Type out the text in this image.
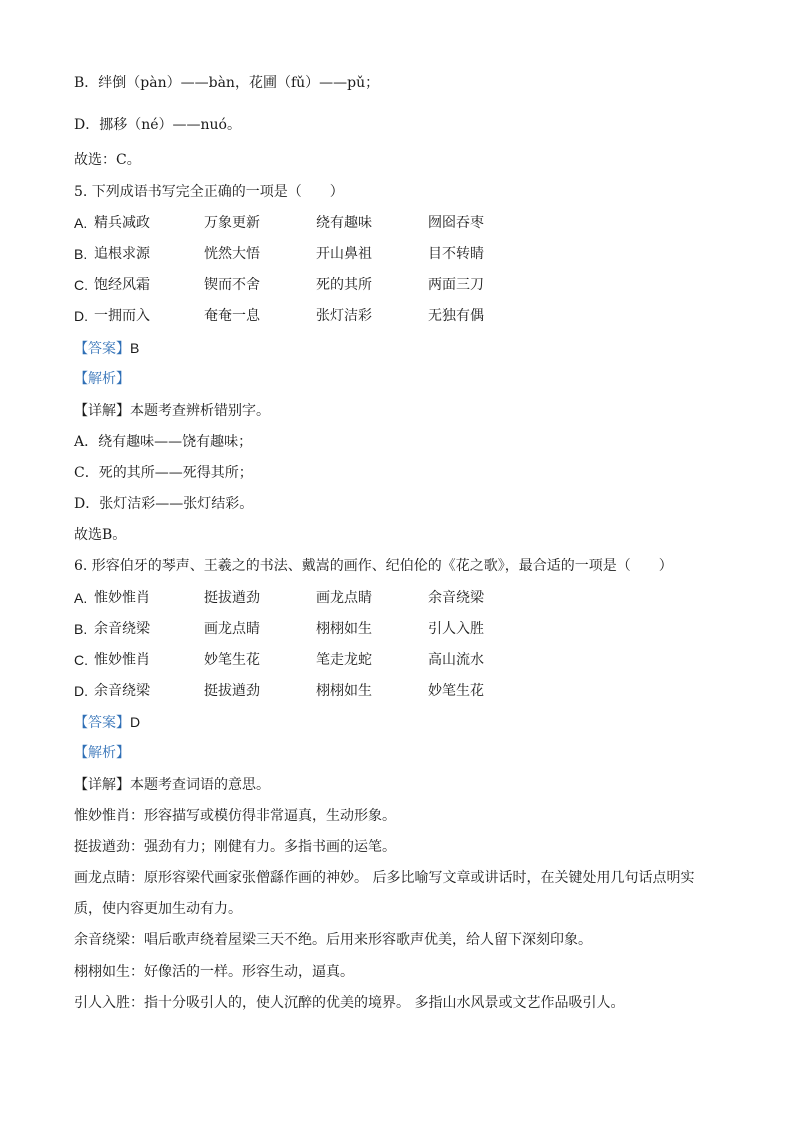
B．绊倒（pàn）——bàn，花圃（fǔ）——pǔ；
D．挪移（né）——nuó。
故选：C。
5. 下列成语书写完全正确的一项是（　　）
A. 精兵减政	万象更新	绕有趣味	囫囵吞枣
B. 追根求源	恍然大悟	开山鼻祖	目不转睛
C. 饱经风霜	锲而不舍	死的其所	两面三刀
D. 一拥而入	奄奄一息	张灯洁彩	无独有偶
【答案】B
【解析】
【详解】本题考查辨析错别字。
A．绕有趣味——饶有趣味；
C．死的其所——死得其所；
D．张灯洁彩——张灯结彩。
故选B。
6. 形容伯牙的琴声、王羲之的书法、戴嵩的画作、纪伯伦的《花之歌》，最合适的一项是（　　）
A. 惟妙惟肖	挺拔遒劲	画龙点睛	余音绕梁
B. 余音绕梁	画龙点睛	栩栩如生	引人入胜
C. 惟妙惟肖	妙笔生花	笔走龙蛇	高山流水
D. 余音绕梁	挺拔遒劲	栩栩如生	妙笔生花
【答案】D
【解析】
【详解】本题考查词语的意思。
惟妙惟肖：形容描写或模仿得非常逼真，生动形象。
挺拔遒劲：强劲有力；刚健有力。多指书画的运笔。
画龙点睛：原形容梁代画家张僧繇作画的神妙。 后多比喻写文章或讲话时，在关键处用几句话点明实
质，使内容更加生动有力。
余音绕梁：唱后歌声绕着屋梁三天不绝。后用来形容歌声优美，给人留下深刻印象。
栩栩如生：好像活的一样。形容生动，逼真。
引人入胜：指十分吸引人的，使人沉醉的优美的境界。 多指山水风景或文艺作品吸引人。
